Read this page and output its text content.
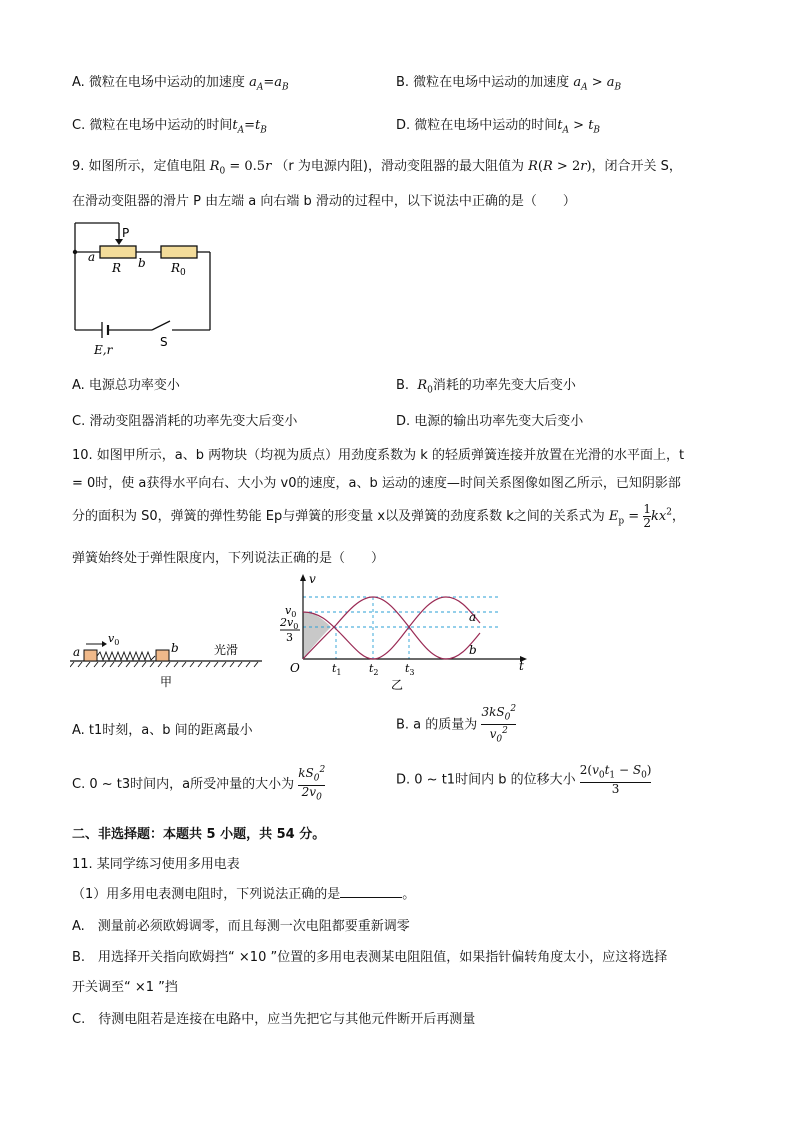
A. 微粒在电场中运动的加速度 $a_A=a_B$	B. 微粒在电场中运动的加速度 $a_A > a_B$
C. 微粒在电场中运动的时间$t_A=t_B$	D. 微粒在电场中运动的时间$t_A > t_B$
9. 如图所示，定值电阻 $R_0 = 0.5r$ （r 为电源内阻)，滑动变阻器的最大阻值为 R(R > 2r)，闭合开关 S，
在滑动变阻器的滑片 P 由左端 a 向右端 b 滑动的过程中，以下说法中正确的是（　　）
P
a
R b $R_0$
E,r
S
A. 电源总功率变小	B.  $R_0$消耗的功率先变大后变小
C. 滑动变阻器消耗的功率先变大后变小	D. 电源的输出功率先变大后变小
10. 如图甲所示，a、b 两物块（均视为质点）用劲度系数为 k 的轻质弹簧连接并放置在光滑的水平面上，t
= 0时，使 a获得水平向右、大小为 v0的速度，a、b 运动的速度—时间关系图像如图乙所示，已知阴影部
分的面积为 S0，弹簧的弹性势能 Ep与弹簧的形变量 x以及弹簧的劲度系数 k之间的关系式为 $E_p = \frac{1}{2} kx^2$，
弹簧始终处于弹性限度内，下列说法正确的是（　　）
a
$v_0$	b	光滑
甲
v
$v_0$
$2v_0$
3
O	$t_1$ $t_2$ $t_3$	t
a
b
乙
A. t1时刻，a、b 间的距离最小	B. a 的质量为 $\frac{3kS_0^2}{v_0^2}$
C. 0 ~ t3时间内，a所受冲量的大小为 $\frac{kS_0^2}{2v_0}$	D. 0 ~ t1时间内 b 的位移大小 $\frac{2(v_0t_1 - S_0)}{3}$
二、非选择题：本题共 5 小题，共 54 分。
11. 某同学练习使用多用电表
（1）用多用电表测电阻时，下列说法正确的是	。
A.　测量前必须欧姆调零，而且每测一次电阻都要重新调零
B.　用选择开关指向欧姆挡“ ×10 ”位置的多用电表测某电阻阻值，如果指针偏转角度太小，应这将选择
开关调至“ ×1 ”挡
C.　待测电阻若是连接在电路中，应当先把它与其他元件断开后再测量
